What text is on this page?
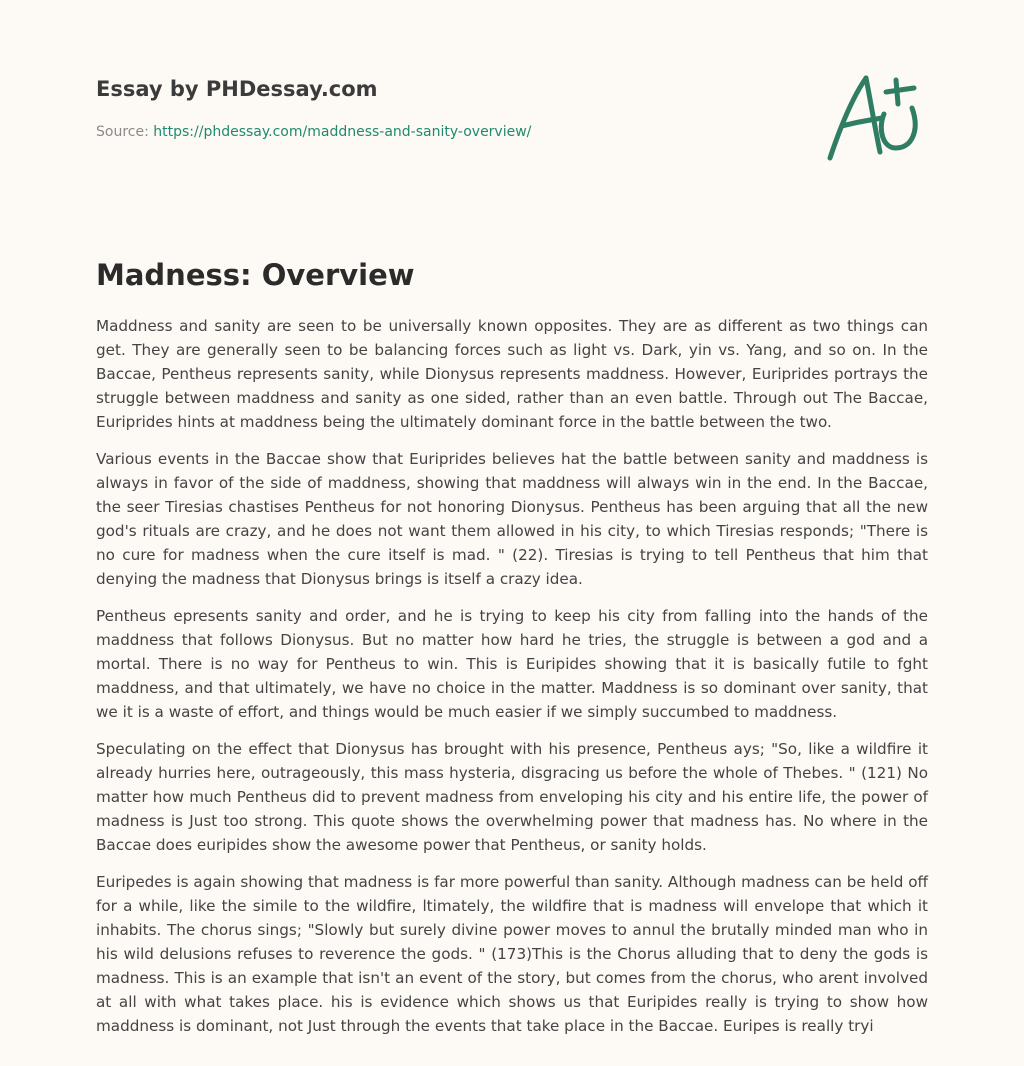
Essay by PHDessay.com
Source: https://phdessay.com/maddness-and-sanity-overview/
Madness: Overview

Maddness and sanity are seen to be universally known opposites. They are as different as two things can get. They are generally seen to be balancing forces such as light vs. Dark, yin vs. Yang, and so on. In the Baccae, Pentheus represents sanity, while Dionysus represents maddness. However, Euriprides portrays the struggle between maddness and sanity as one sided, rather than an even battle. Through out The Baccae, Euriprides hints at maddness being the ultimately dominant force in the battle between the two.

Various events in the Baccae show that Euriprides believes hat the battle between sanity and maddness is always in favor of the side of maddness, showing that maddness will always win in the end. In the Baccae, the seer Tiresias chastises Pentheus for not honoring Dionysus. Pentheus has been arguing that all the new god's rituals are crazy, and he does not want them allowed in his city, to which Tiresias responds; "There is no cure for madness when the cure itself is mad. " (22). Tiresias is trying to tell Pentheus that him that denying the madness that Dionysus brings is itself a crazy idea.

Pentheus epresents sanity and order, and he is trying to keep his city from falling into the hands of the maddness that follows Dionysus. But no matter how hard he tries, the struggle is between a god and a mortal. There is no way for Pentheus to win. This is Euripides showing that it is basically futile to fght maddness, and that ultimately, we have no choice in the matter. Maddness is so dominant over sanity, that we it is a waste of effort, and things would be much easier if we simply succumbed to maddness.

Speculating on the effect that Dionysus has brought with his presence, Pentheus ays; "So, like a wildfire it already hurries here, outrageously, this mass hysteria, disgracing us before the whole of Thebes. " (121) No matter how much Pentheus did to prevent madness from enveloping his city and his entire life, the power of madness is Just too strong. This quote shows the overwhelming power that madness has. No where in the Baccae does euripides show the awesome power that Pentheus, or sanity holds.

Euripedes is again showing that madness is far more powerful than sanity. Although madness can be held off for a while, like the simile to the wildfire, ltimately, the wildfire that is madness will envelope that which it inhabits. The chorus sings; "Slowly but surely divine power moves to annul the brutally minded man who in his wild delusions refuses to reverence the gods. " (173)This is the Chorus alluding that to deny the gods is madness. This is an example that isn't an event of the story, but comes from the chorus, who arent involved at all with what takes place. his is evidence which shows us that Euripides really is trying to show how maddness is dominant, not Just through the events that take place in the Baccae. Euripes is really tryi
